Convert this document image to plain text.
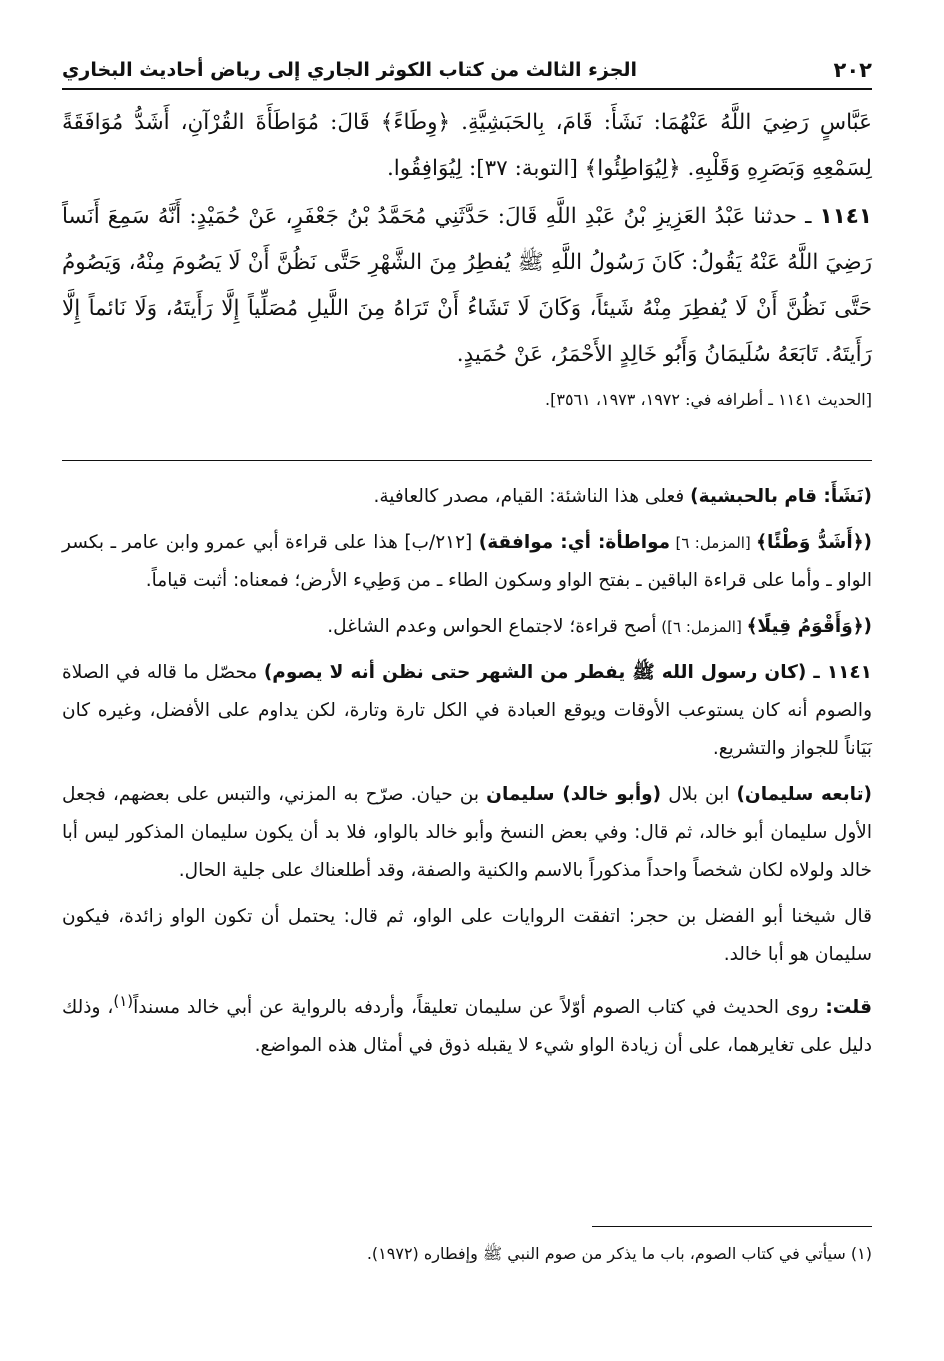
٢٠٢
الجزء الثالث من كتاب الكوثر الجاري إلى رياض أحاديث البخاري

عَبَّاسٍ رَضِيَ اللَّهُ عَنْهُمَا: نَشَأَ: قَامَ، بِالحَبَشِيَّةِ. ﴿وِطَاءً﴾ قَالَ: مُوَاطَأَةَ القُرْآنِ، أَشَدُّ مُوَافَقَةً لِسَمْعِهِ وَبَصَرِهِ وَقَلْبِهِ. ﴿لِيُوَاطِئُوا﴾ [التوبة: ٣٧]: لِيُوَافِقُوا.

١١٤١ ـ حدثنا عَبْدُ العَزِيزِ بْنُ عَبْدِ اللَّهِ قَالَ: حَدَّثَنِي مُحَمَّدُ بْنُ جَعْفَرٍ، عَنْ حُمَيْدٍ: أَنَّهُ سَمِعَ أَنَساً رَضِيَ اللَّهُ عَنْهُ يَقُولُ: كَانَ رَسُولُ اللَّهِ ﷺ يُفطِرُ مِنَ الشَّهْرِ حَتَّى نَظُنَّ أَنْ لَا يَصُومَ مِنْهُ، وَيَصُومُ حَتَّى نَظُنَّ أَنْ لَا يُفطِرَ مِنْهُ شَيئاً، وَكَانَ لَا تَشَاءُ أَنْ تَرَاهُ مِنَ اللَّيلِ مُصَلِّياً إِلَّا رَأَيتَهُ، وَلَا نَائماً إِلَّا رَأَيتَهُ. تَابَعَهُ سُلَيمَانُ وَأَبُو خَالِدٍ الأَحْمَرُ، عَنْ حُمَيدٍ.

[الحديث ١١٤١ ـ أطرافه في: ١٩٧٢، ١٩٧٣، ٣٥٦١].

(نَشَأَ: قام بالحبشية) فعلى هذا الناشئة: القيام، مصدر كالعافية.

(﴿أَشَدُّ وَطْئًا﴾ [المزمل: ٦] مواطأة: أي: موافقة) [٢١٢/ب] هذا على قراءة أبي عمرو وابن عامر ـ بكسر الواو ـ وأما على قراءة الباقين ـ بفتح الواو وسكون الطاء ـ من وَطِيء الأرض؛ فمعناه: أثبت قياماً.

(﴿وَأَقْوَمُ قِيلًا﴾ [المزمل: ٦]) أصح قراءة؛ لاجتماع الحواس وعدم الشاغل.

١١٤١ ـ (كان رسول الله ﷺ يفطر من الشهر حتى نظن أنه لا يصوم) محصّل ما قاله في الصلاة والصوم أنه كان يستوعب الأوقات ويوقع العبادة في الكل تارة وتارة، لكن يداوم على الأفضل، وغيره كان بَيَاناً للجواز والتشريع.

(تابعه سليمان) ابن بلال (وأبو خالد) سليمان بن حيان. صرّح به المزني، والتبس على بعضهم، فجعل الأول سليمان أبو خالد، ثم قال: وفي بعض النسخ وأبو خالد بالواو، فلا بد أن يكون سليمان المذكور ليس أبا خالد ولولاه لكان شخصاً واحداً مذكوراً بالاسم والكنية والصفة، وقد أطلعناك على جلية الحال.

قال شيخنا أبو الفضل بن حجر: اتفقت الروايات على الواو، ثم قال: يحتمل أن تكون الواو زائدة، فيكون سليمان هو أبا خالد.

قلت: روى الحديث في كتاب الصوم أوّلاً عن سليمان تعليقاً، وأردفه بالرواية عن أبي خالد مسنداً$^{(١)}$، وذلك دليل على تغايرهما، على أن زيادة الواو شيء لا يقبله ذوق في أمثال هذه المواضع.

(١) سيأتي في كتاب الصوم، باب ما يذكر من صوم النبي ﷺ وإفطاره (١٩٧٢).
